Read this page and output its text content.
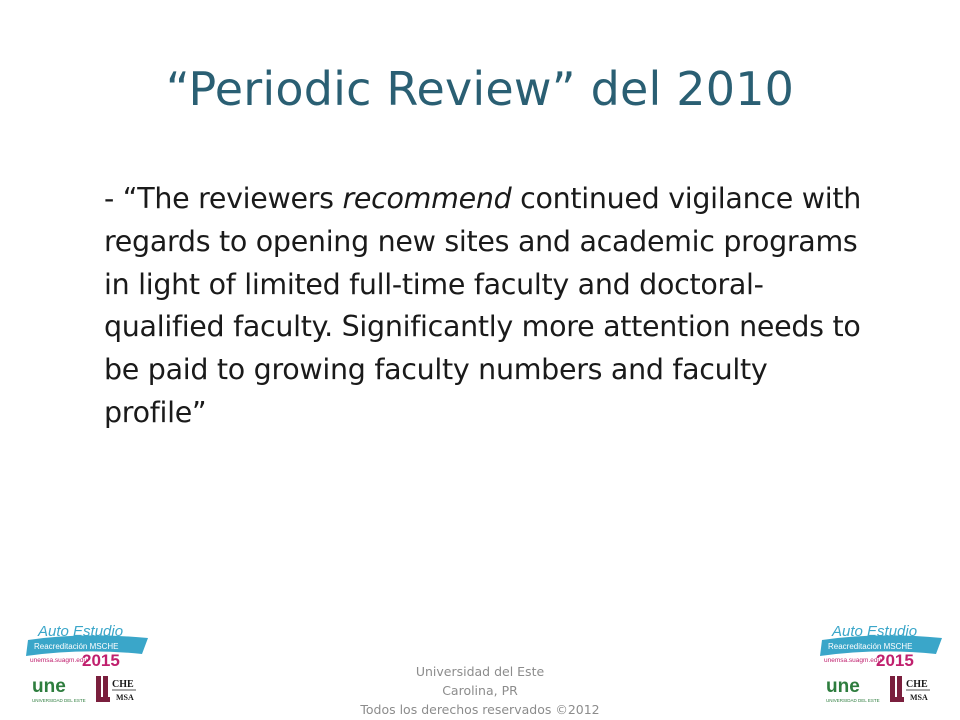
“Periodic Review” del 2010
- “The reviewers recommend continued vigilance with regards to opening new sites and academic programs in light of limited full-time faculty and doctoral-qualified faculty. Significantly more attention needs to be paid to growing faculty numbers and faculty profile”
Auto Estudio
Reacreditación MSCHE
unemsa.suagm.edu
2015
une
UNIVERSIDAD DEL ESTE
CHE
MSA
Auto Estudio
Reacreditación MSCHE
unemsa.suagm.edu
2015
une
UNIVERSIDAD DEL ESTE
CHE
MSA
Universidad del Este
Carolina, PR
Todos los derechos reservados ©2012
